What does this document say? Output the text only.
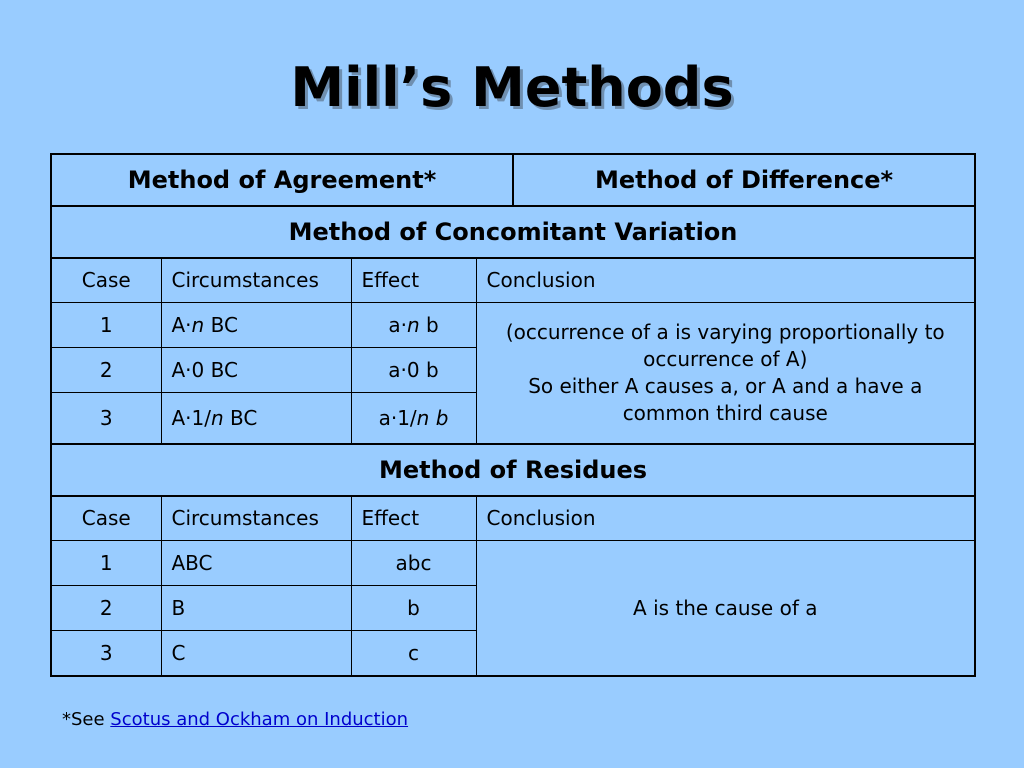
Mill’s Methods
Method of Agreement*				Method of Difference*
Method of Concomitant Variation				
Case	Circumstances	Effect	Conclusion	
1	A·n BC	a·n b	(occurrence of a is varying proportionally to occurrence of A)
So either A causes a, or A and a have a common third cause	

2	A·0 BC	a·0 b		
3	A·1/n BC	a·1/n b		
Method of Residues				
Case	Circumstances	Effect	Conclusion	
1	ABC	abc	A is the cause of a	
2	B	b		
3	C	c		
*See Scotus and Ockham on Induction
